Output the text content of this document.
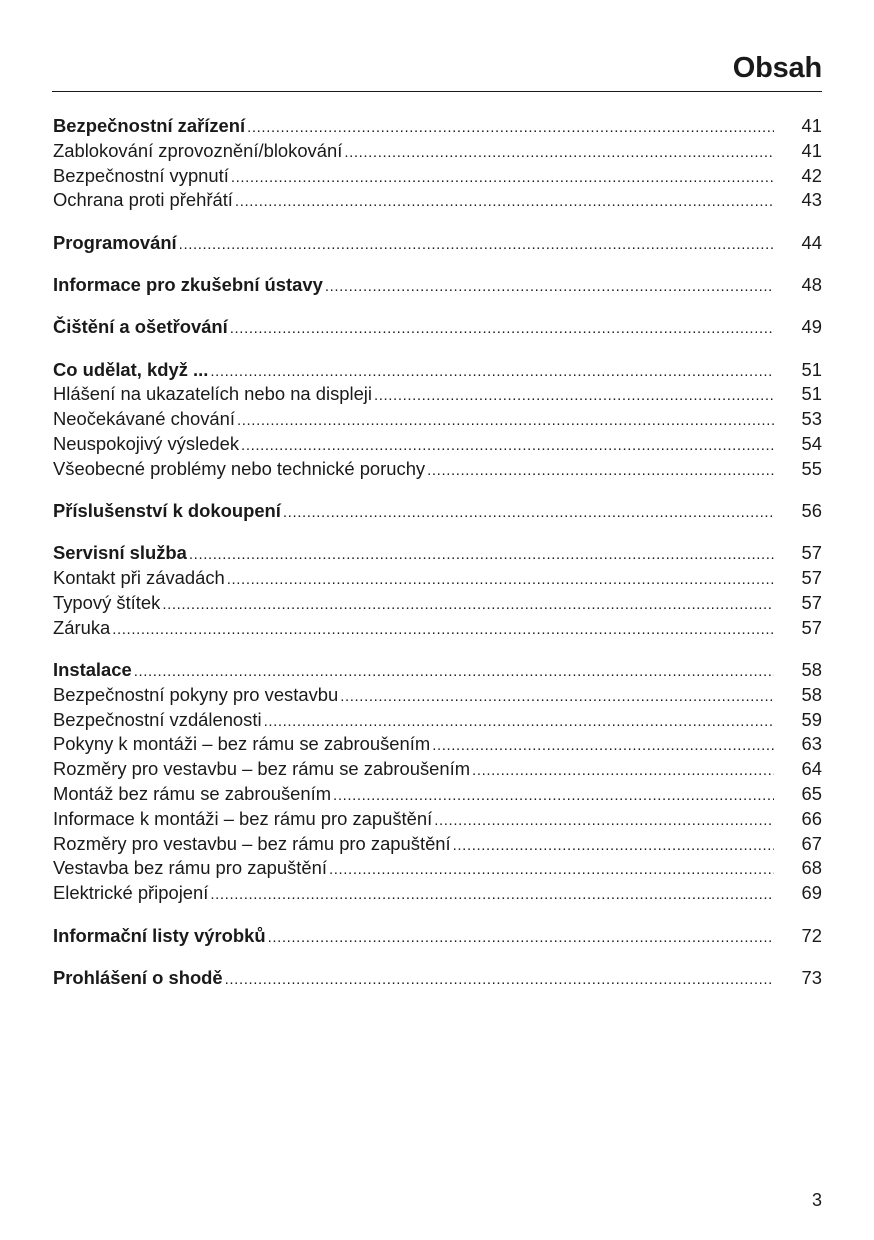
Obsah
Bezpečnostní zařízení .....	41
Zablokování zprovoznění/blokování .....	41
Bezpečnostní vypnutí .....	42
Ochrana proti přehřátí .....	43
Programování .....	44
Informace pro zkušební ústavy .....	48
Čištění a ošetřování .....	49
Co udělat, když ... .....	51
Hlášení na ukazatelích nebo na displeji .....	51
Neočekávané chování .....	53
Neuspokojivý výsledek .....	54
Všeobecné problémy nebo technické poruchy .....	55
Příslušenství k dokoupení .....	56
Servisní služba .....	57
Kontakt při závadách .....	57
Typový štítek .....	57
Záruka .....	57
Instalace .....	58
Bezpečnostní pokyny pro vestavbu .....	58
Bezpečnostní vzdálenosti .....	59
Pokyny k montáži – bez rámu se zabroušením .....	63
Rozměry pro vestavbu – bez rámu se zabroušením .....	64
Montáž bez rámu se zabroušením .....	65
Informace k montáži – bez rámu pro zapuštění .....	66
Rozměry pro vestavbu – bez rámu pro zapuštění .....	67
Vestavba bez rámu pro zapuštění .....	68
Elektrické připojení .....	69
Informační listy výrobků .....	72
Prohlášení o shodě .....	73
3
